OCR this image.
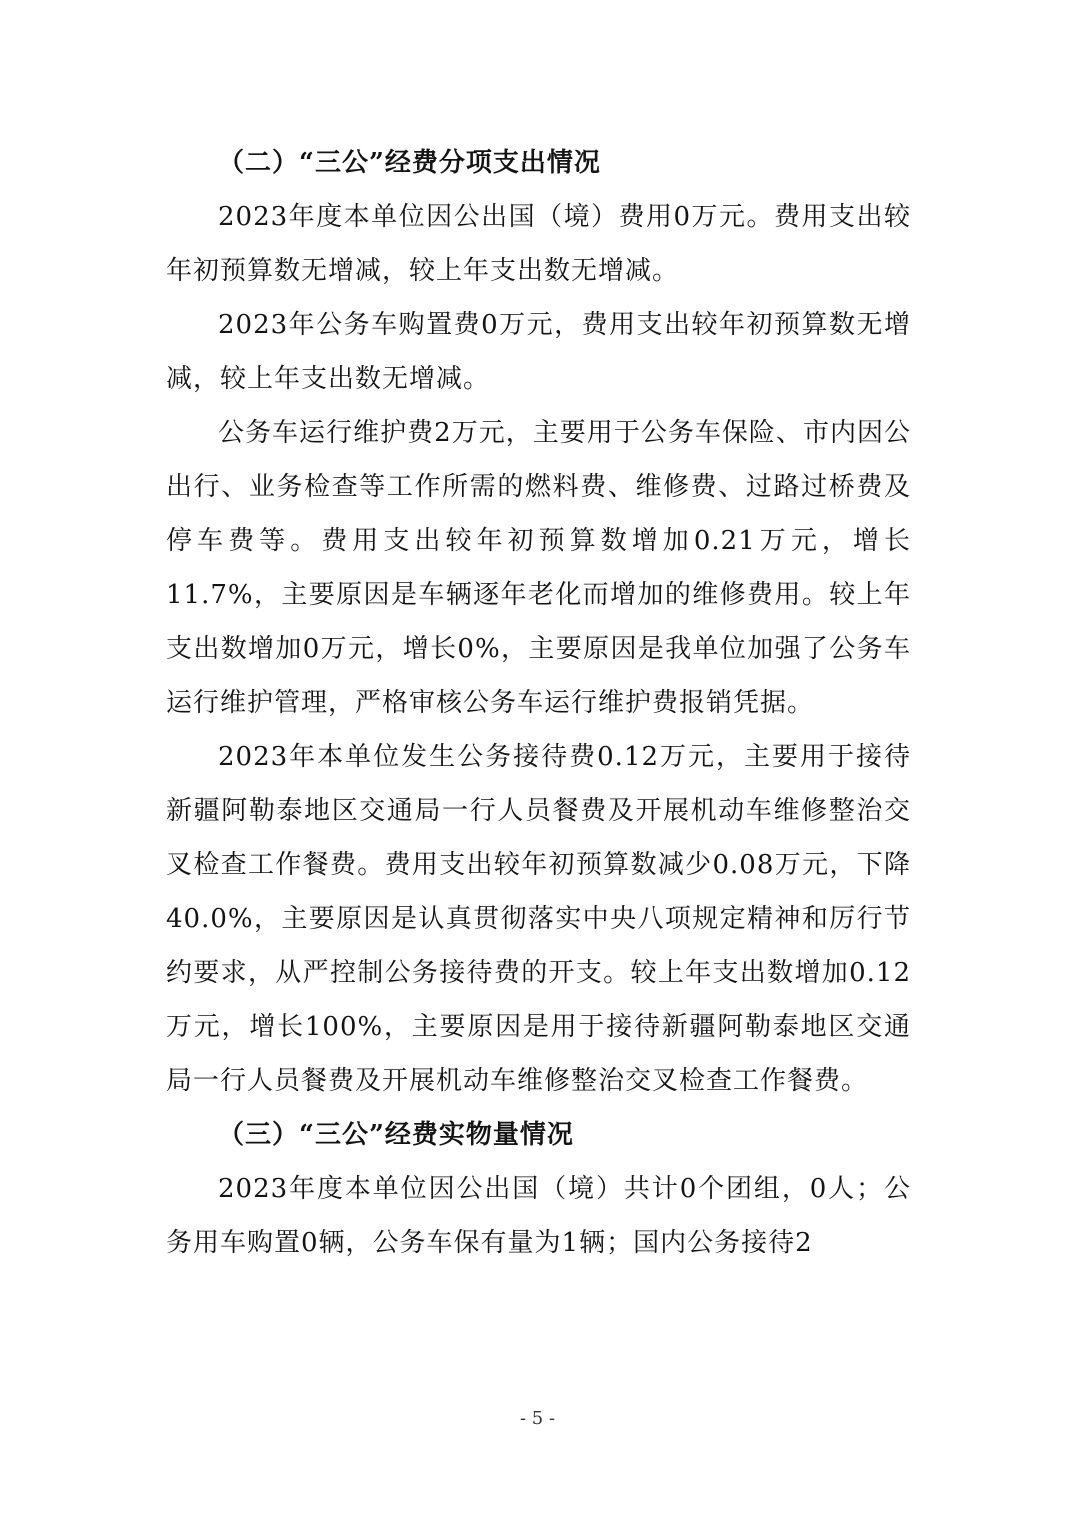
（二）“三公”经费分项支出情况

2023年度本单位因公出国（境）费用0万元。费用支出较年初预算数无增减，较上年支出数无增减。

2023年公务车购置费0万元，费用支出较年初预算数无增减，较上年支出数无增减。

公务车运行维护费2万元，主要用于公务车保险、市内因公出行、业务检查等工作所需的燃料费、维修费、过路过桥费及停车费等。费用支出较年初预算数增加0.21万元，增长11.7%，主要原因是车辆逐年老化而增加的维修费用。较上年支出数增加0万元，增长0%，主要原因是我单位加强了公务车运行维护管理，严格审核公务车运行维护费报销凭据。

2023年本单位发生公务接待费0.12万元，主要用于接待新疆阿勒泰地区交通局一行人员餐费及开展机动车维修整治交叉检查工作餐费。费用支出较年初预算数减少0.08万元，下降40.0%，主要原因是认真贯彻落实中央八项规定精神和厉行节约要求，从严控制公务接待费的开支。较上年支出数增加0.12万元，增长100%，主要原因是用于接待新疆阿勒泰地区交通局一行人员餐费及开展机动车维修整治交叉检查工作餐费。

（三）“三公”经费实物量情况

2023年度本单位因公出国（境）共计0个团组，0人；公务用车购置0辆，公务车保有量为1辆；国内公务接待2

- 5 -
